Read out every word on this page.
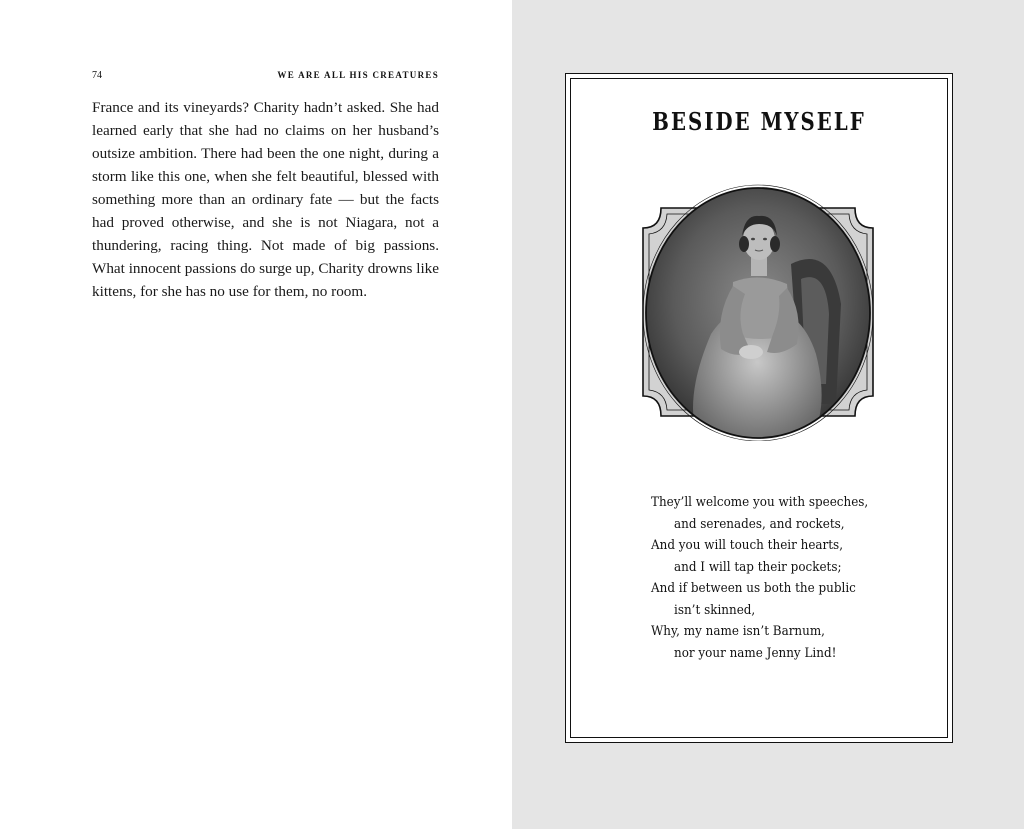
74	WE ARE ALL HIS CREATURES

France and its vineyards? Charity hadn’t asked. She had learned early that she had no claims on her husband’s outsize ambition. There had been the one night, during a storm like this one, when she felt beautiful, blessed with something more than an ordinary fate — but the facts had proved otherwise, and she is not Niagara, not a thundering, racing thing. Not made of big passions. What innocent passions do surge up, Charity drowns like kittens, for she has no use for them, no room.

BESIDE MYSELF
They’ll welcome you with speeches,
and serenades, and rockets,
And you will touch their hearts,
and I will tap their pockets;
And if between us both the public
isn’t skinned,
Why, my name isn’t Barnum,
nor your name Jenny Lind!
